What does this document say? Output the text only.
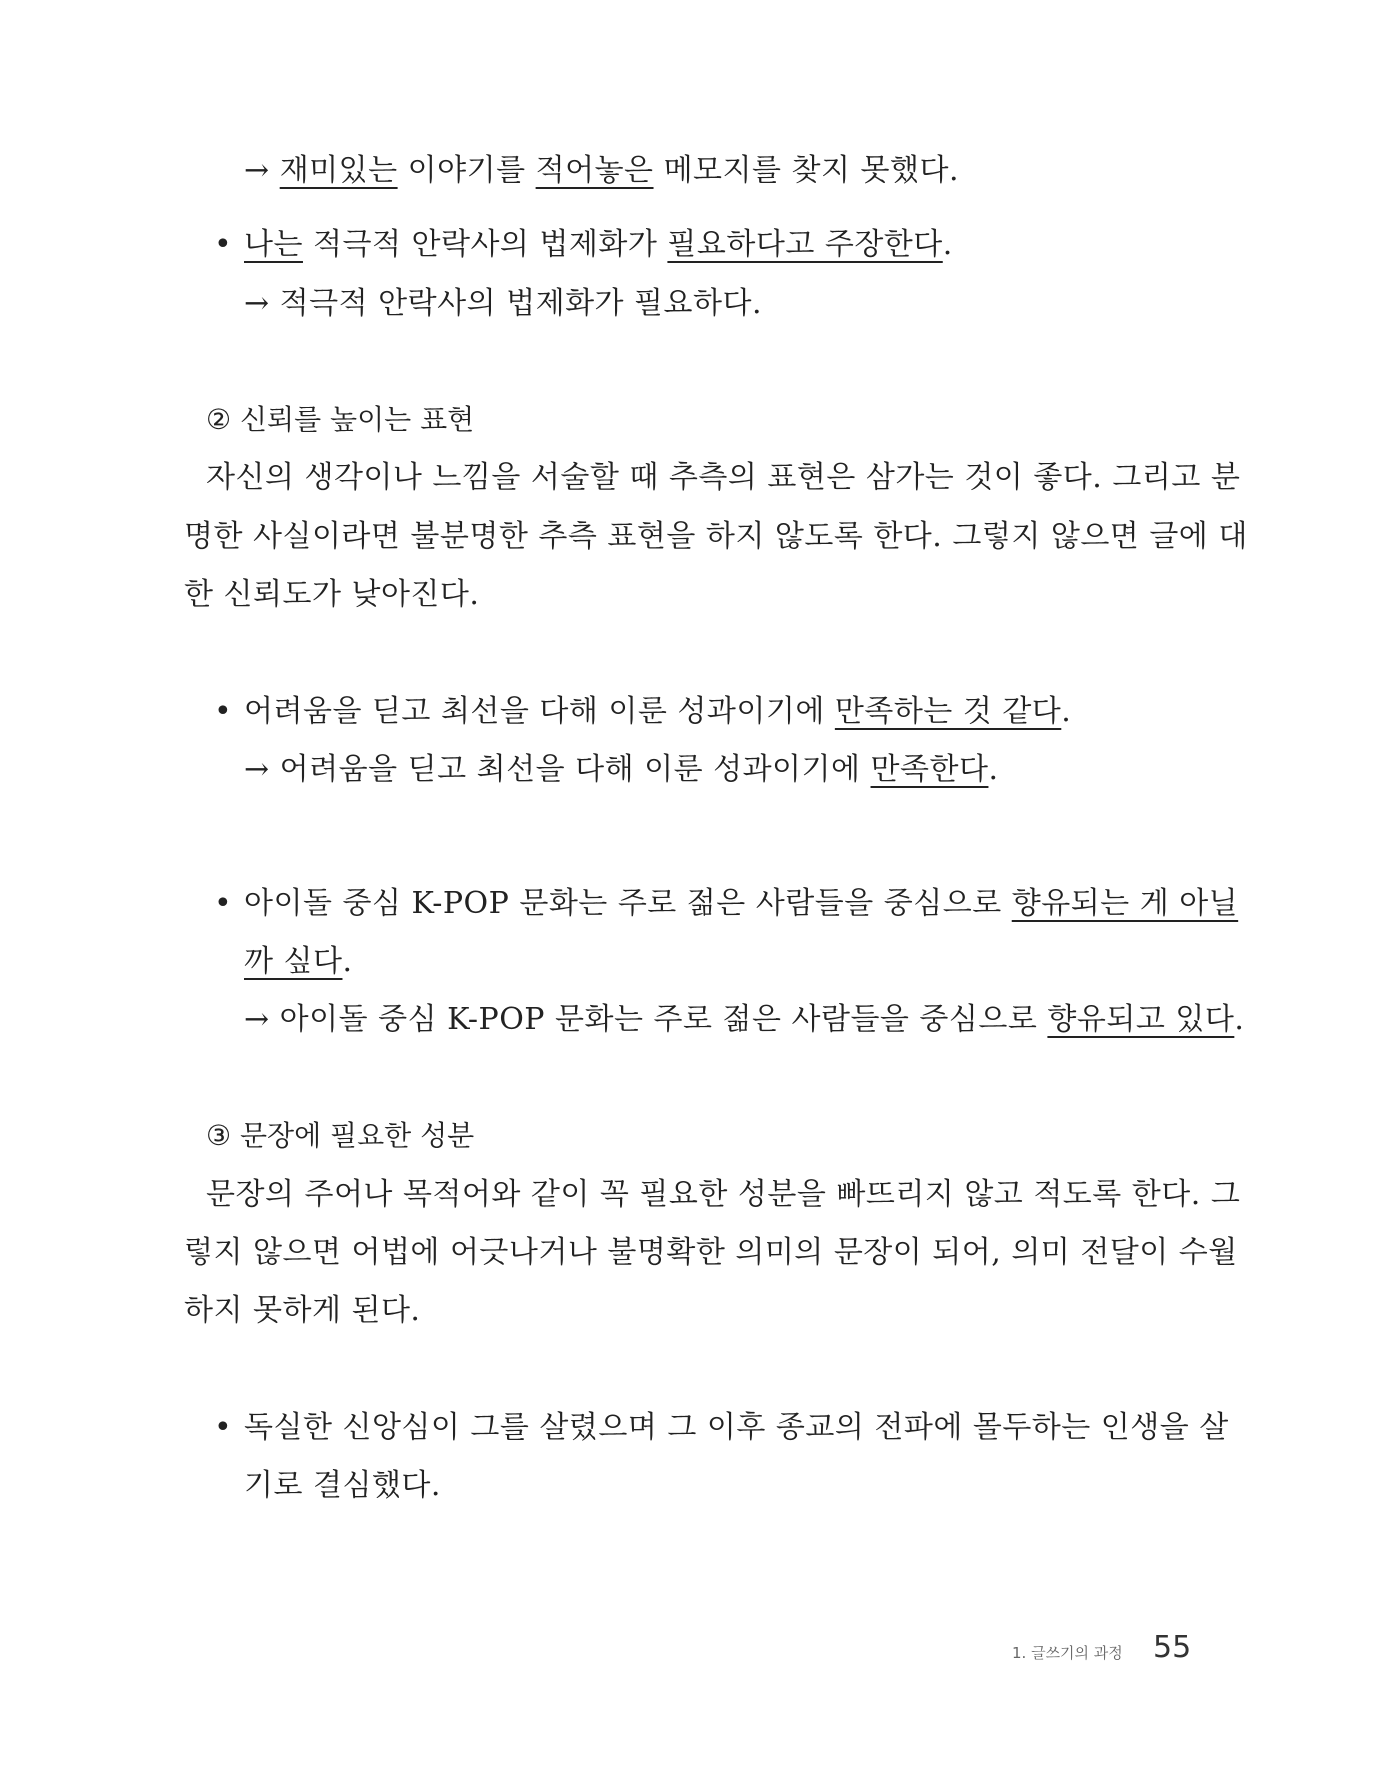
→ 재미있는 이야기를 적어놓은 메모지를 찾지 못했다.
• 나는 적극적 안락사의 법제화가 필요하다고 주장한다.
→ 적극적 안락사의 법제화가 필요하다.
② 신뢰를 높이는 표현
자신의 생각이나 느낌을 서술할 때 추측의 표현은 삼가는 것이 좋다. 그리고 분
명한 사실이라면 불분명한 추측 표현을 하지 않도록 한다. 그렇지 않으면 글에 대
한 신뢰도가 낮아진다.
• 어려움을 딛고 최선을 다해 이룬 성과이기에 만족하는 것 같다.
→ 어려움을 딛고 최선을 다해 이룬 성과이기에 만족한다.
• 아이돌 중심 K-POP 문화는 주로 젊은 사람들을 중심으로 향유되는 게 아닐
까 싶다.
→ 아이돌 중심 K-POP 문화는 주로 젊은 사람들을 중심으로 향유되고 있다.
③ 문장에 필요한 성분
문장의 주어나 목적어와 같이 꼭 필요한 성분을 빠뜨리지 않고 적도록 한다. 그
렇지 않으면 어법에 어긋나거나 불명확한 의미의 문장이 되어, 의미 전달이 수월
하지 못하게 된다.
• 독실한 신앙심이 그를 살렸으며 그 이후 종교의 전파에 몰두하는 인생을 살
기로 결심했다.
1. 글쓰기의 과정 55
